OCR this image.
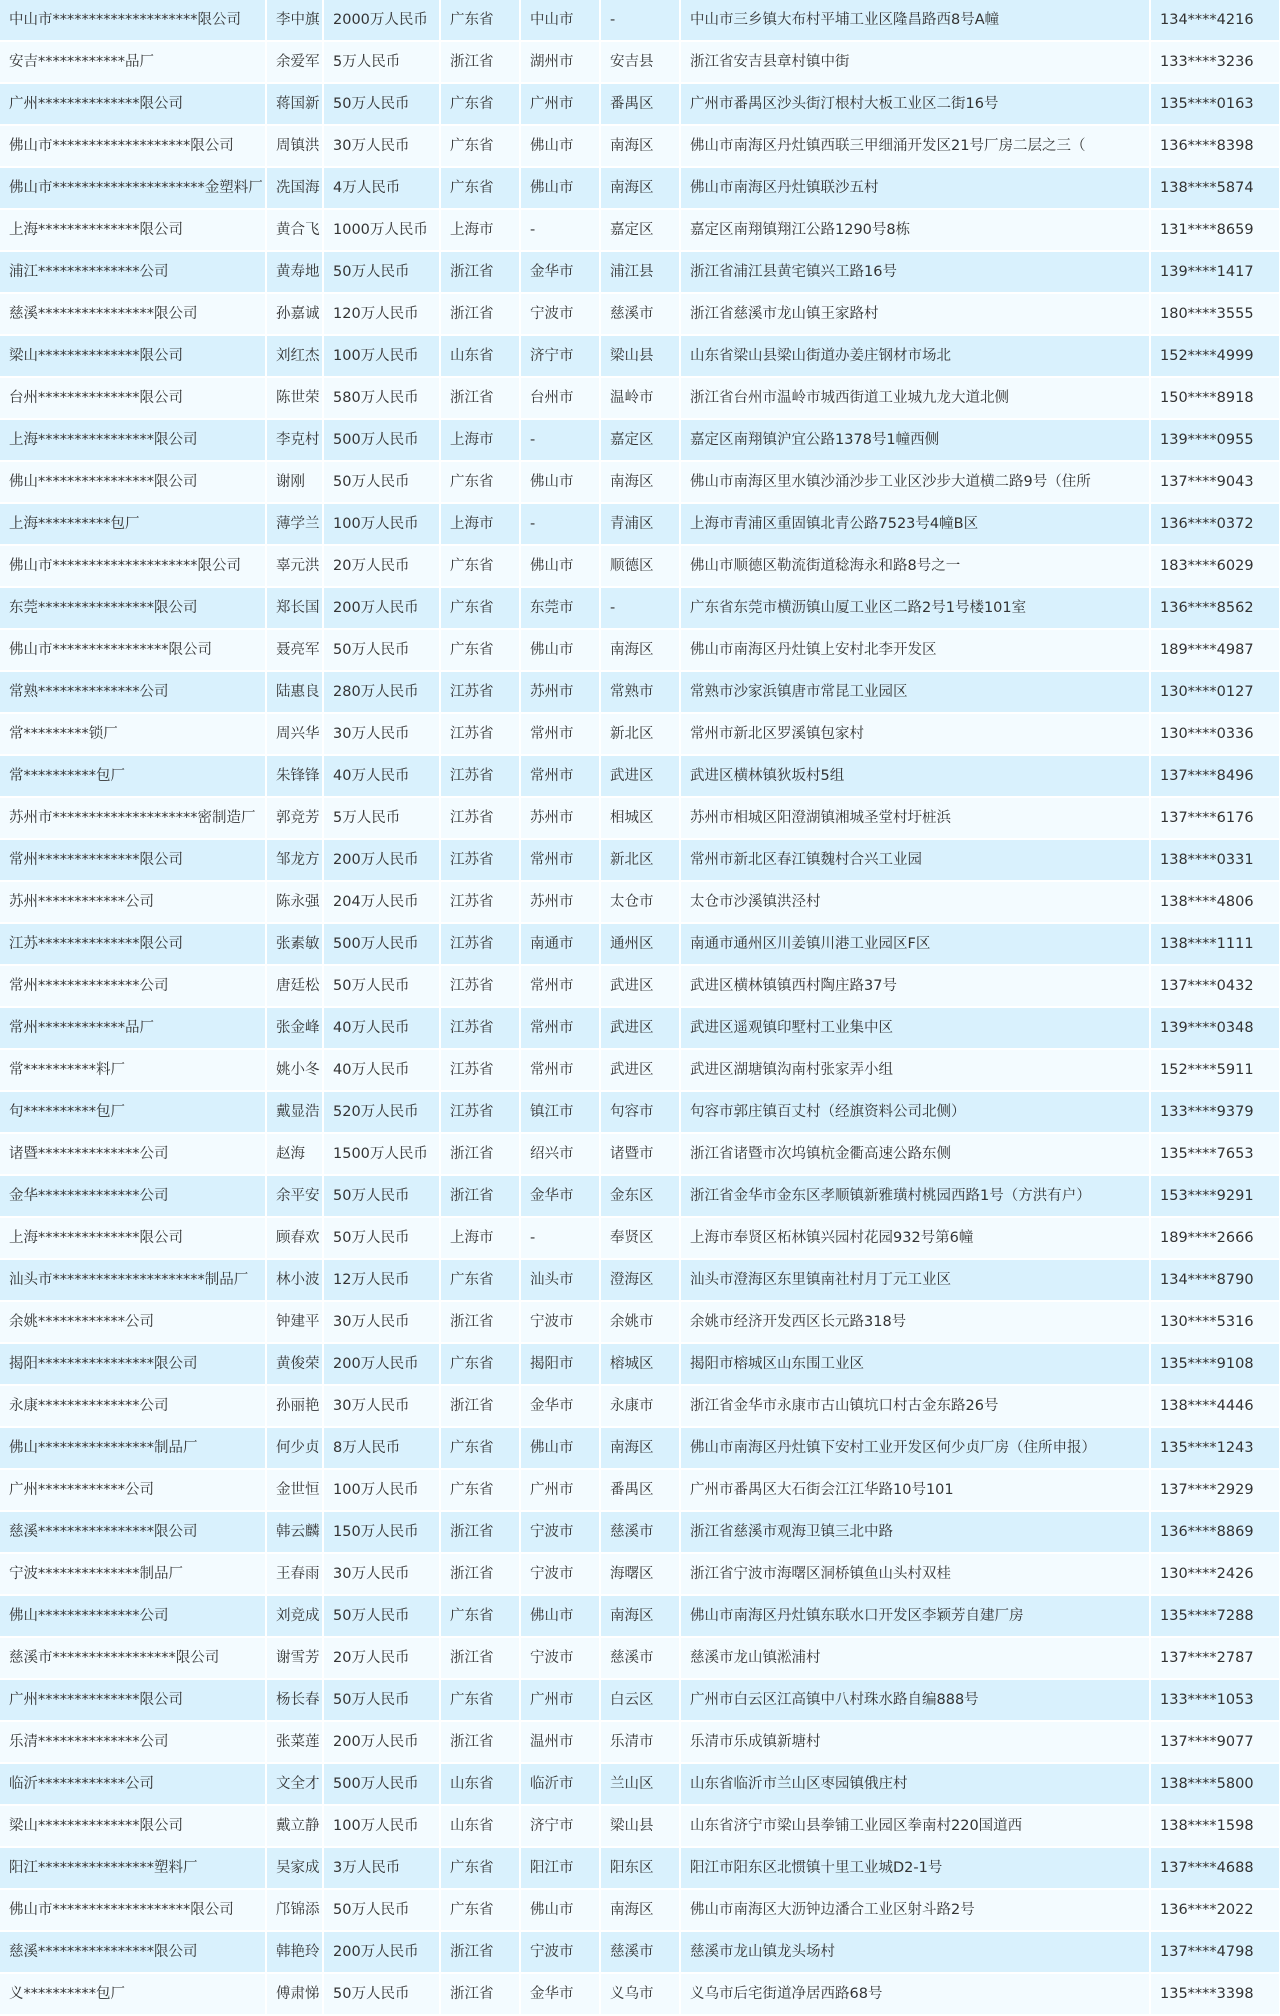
中山市********************限公司	李中旗	2000万人民币	广东省	中山市	-	中山市三乡镇大布村平埔工业区隆昌路西8号A幢	134****4216
安吉************品厂	余爱军	5万人民币	浙江省	湖州市	安吉县	浙江省安吉县章村镇中街	133****3236
广州**************限公司	蒋国新	50万人民币	广东省	广州市	番禺区	广州市番禺区沙头街汀根村大板工业区二街16号	135****0163
佛山市*******************限公司	周镇洪	30万人民币	广东省	佛山市	南海区	佛山市南海区丹灶镇西联三甲细涌开发区21号厂房二层之三（	136****8398
佛山市*********************金塑料厂	冼国海	4万人民币	广东省	佛山市	南海区	佛山市南海区丹灶镇联沙五村	138****5874
上海**************限公司	黄合飞	1000万人民币	上海市	-	嘉定区	嘉定区南翔镇翔江公路1290号8栋	131****8659
浦江**************公司	黄寿地	50万人民币	浙江省	金华市	浦江县	浙江省浦江县黄宅镇兴工路16号	139****1417
慈溪****************限公司	孙嘉诚	120万人民币	浙江省	宁波市	慈溪市	浙江省慈溪市龙山镇王家路村	180****3555
梁山**************限公司	刘红杰	100万人民币	山东省	济宁市	梁山县	山东省梁山县梁山街道办姜庄钢材市场北	152****4999
台州**************限公司	陈世荣	580万人民币	浙江省	台州市	温岭市	浙江省台州市温岭市城西街道工业城九龙大道北侧	150****8918
上海****************限公司	李克村	500万人民币	上海市	-	嘉定区	嘉定区南翔镇沪宜公路1378号1幢西侧	139****0955
佛山****************限公司	谢刚	50万人民币	广东省	佛山市	南海区	佛山市南海区里水镇沙涌沙步工业区沙步大道横二路9号（住所	137****9043
上海**********包厂	薄学兰	100万人民币	上海市	-	青浦区	上海市青浦区重固镇北青公路7523号4幢B区	136****0372
佛山市********************限公司	辜元洪	20万人民币	广东省	佛山市	顺德区	佛山市顺德区勒流街道稔海永和路8号之一	183****6029
东莞****************限公司	郑长国	200万人民币	广东省	东莞市	-	广东省东莞市横沥镇山厦工业区二路2号1号楼101室	136****8562
佛山市****************限公司	聂亮军	50万人民币	广东省	佛山市	南海区	佛山市南海区丹灶镇上安村北李开发区	189****4987
常熟**************公司	陆惠良	280万人民币	江苏省	苏州市	常熟市	常熟市沙家浜镇唐市常昆工业园区	130****0127
常*********锁厂	周兴华	30万人民币	江苏省	常州市	新北区	常州市新北区罗溪镇包家村	130****0336
常**********包厂	朱锋锋	40万人民币	江苏省	常州市	武进区	武进区横林镇狄坂村5组	137****8496
苏州市********************密制造厂	郭竞芳	5万人民币	江苏省	苏州市	相城区	苏州市相城区阳澄湖镇湘城圣堂村圩桩浜	137****6176
常州**************限公司	邹龙方	200万人民币	江苏省	常州市	新北区	常州市新北区春江镇魏村合兴工业园	138****0331
苏州************公司	陈永强	204万人民币	江苏省	苏州市	太仓市	太仓市沙溪镇洪泾村	138****4806
江苏**************限公司	张素敏	500万人民币	江苏省	南通市	通州区	南通市通州区川姜镇川港工业园区F区	138****1111
常州**************公司	唐廷松	50万人民币	江苏省	常州市	武进区	武进区横林镇镇西村陶庄路37号	137****0432
常州************品厂	张金峰	40万人民币	江苏省	常州市	武进区	武进区遥观镇印墅村工业集中区	139****0348
常**********料厂	姚小冬	40万人民币	江苏省	常州市	武进区	武进区湖塘镇沟南村张家弄小组	152****5911
句**********包厂	戴显浩	520万人民币	江苏省	镇江市	句容市	句容市郭庄镇百丈村（经旗资料公司北侧）	133****9379
诸暨**************公司	赵海	1500万人民币	浙江省	绍兴市	诸暨市	浙江省诸暨市次坞镇杭金衢高速公路东侧	135****7653
金华**************公司	余平安	50万人民币	浙江省	金华市	金东区	浙江省金华市金东区孝顺镇新雅璜村桃园西路1号（方洪有户）	153****9291
上海**************限公司	顾春欢	50万人民币	上海市	-	奉贤区	上海市奉贤区柘林镇兴园村花园932号第6幢	189****2666
汕头市*********************制品厂	林小波	12万人民币	广东省	汕头市	澄海区	汕头市澄海区东里镇南社村月丁元工业区	134****8790
余姚************公司	钟建平	30万人民币	浙江省	宁波市	余姚市	余姚市经济开发西区长元路318号	130****5316
揭阳****************限公司	黄俊荣	200万人民币	广东省	揭阳市	榕城区	揭阳市榕城区山东围工业区	135****9108
永康**************公司	孙丽艳	30万人民币	浙江省	金华市	永康市	浙江省金华市永康市古山镇坑口村古金东路26号	138****4446
佛山****************制品厂	何少贞	8万人民币	广东省	佛山市	南海区	佛山市南海区丹灶镇下安村工业开发区何少贞厂房（住所申报）	135****1243
广州************公司	金世恒	100万人民币	广东省	广州市	番禺区	广州市番禺区大石街会江江华路10号101	137****2929
慈溪****************限公司	韩云麟	150万人民币	浙江省	宁波市	慈溪市	浙江省慈溪市观海卫镇三北中路	136****8869
宁波**************制品厂	王春雨	30万人民币	浙江省	宁波市	海曙区	浙江省宁波市海曙区洞桥镇鱼山头村双桂	130****2426
佛山**************公司	刘竞成	50万人民币	广东省	佛山市	南海区	佛山市南海区丹灶镇东联水口开发区李颖芳自建厂房	135****7288
慈溪市*****************限公司	谢雪芳	20万人民币	浙江省	宁波市	慈溪市	慈溪市龙山镇淞浦村	137****2787
广州**************限公司	杨长春	50万人民币	广东省	广州市	白云区	广州市白云区江高镇中八村珠水路自编888号	133****1053
乐清**************公司	张菜莲	200万人民币	浙江省	温州市	乐清市	乐清市乐成镇新塘村	137****9077
临沂************公司	文全才	500万人民币	山东省	临沂市	兰山区	山东省临沂市兰山区枣园镇俄庄村	138****5800
梁山**************限公司	戴立静	100万人民币	山东省	济宁市	梁山县	山东省济宁市梁山县拳铺工业园区拳南村220国道西	138****1598
阳江****************塑料厂	吴家成	3万人民币	广东省	阳江市	阳东区	阳江市阳东区北惯镇十里工业城D2-1号	137****4688
佛山市*******************限公司	邝锦添	50万人民币	广东省	佛山市	南海区	佛山市南海区大沥钟边潘合工业区射斗路2号	136****2022
慈溪****************限公司	韩艳玲	200万人民币	浙江省	宁波市	慈溪市	慈溪市龙山镇龙头场村	137****4798
义**********包厂	傅肃悌	50万人民币	浙江省	金华市	义乌市	义乌市后宅街道净居西路68号	135****3398
